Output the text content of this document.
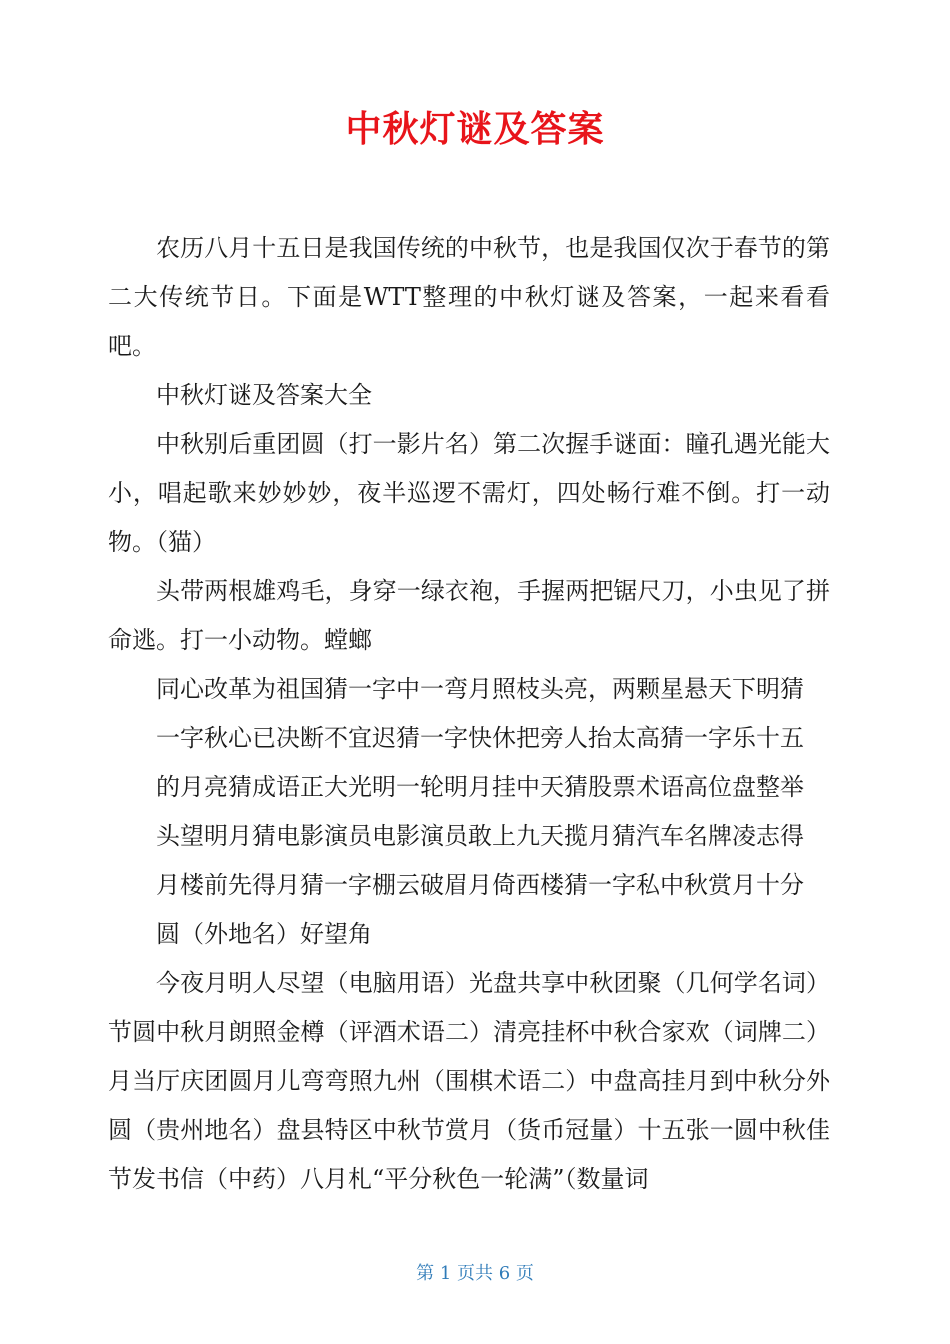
中秋灯谜及答案

农历八月十五日是我国传统的中秋节，也是我国仅次于春节的第二大传统节日。下面是WTT整理的中秋灯谜及答案，一起来看看吧。

中秋灯谜及答案大全

中秋别后重团圆（打一影片名）第二次握手谜面：瞳孔遇光能大小，唱起歌来妙妙妙，夜半巡逻不需灯，四处畅行难不倒。打一动物。（猫）

头带两根雄鸡毛，身穿一绿衣袍，手握两把锯尺刀，小虫见了拼命逃。打一小动物。螳螂

同心改革为祖国猜一字中一弯月照枝头亮，两颗星悬天下明猜

一字秋心已决断不宜迟猜一字快休把旁人抬太高猜一字乐十五

的月亮猜成语正大光明一轮明月挂中天猜股票术语高位盘整举

头望明月猜电影演员电影演员敢上九天揽月猜汽车名牌凌志得

月楼前先得月猜一字棚云破眉月倚西楼猜一字私中秋赏月十分

圆（外地名）好望角

今夜月明人尽望（电脑用语）光盘共享中秋团聚（几何学名词）节圆中秋月朗照金樽（评酒术语二）清亮挂杯中秋合家欢（词牌二）月当厅庆团圆月儿弯弯照九州（围棋术语二）中盘高挂月到中秋分外圆（贵州地名）盘县特区中秋节赏月（货币冠量）十五张一圆中秋佳节发书信（中药）八月札“平分秋色一轮满”（数量词

第 1 页共 6 页
